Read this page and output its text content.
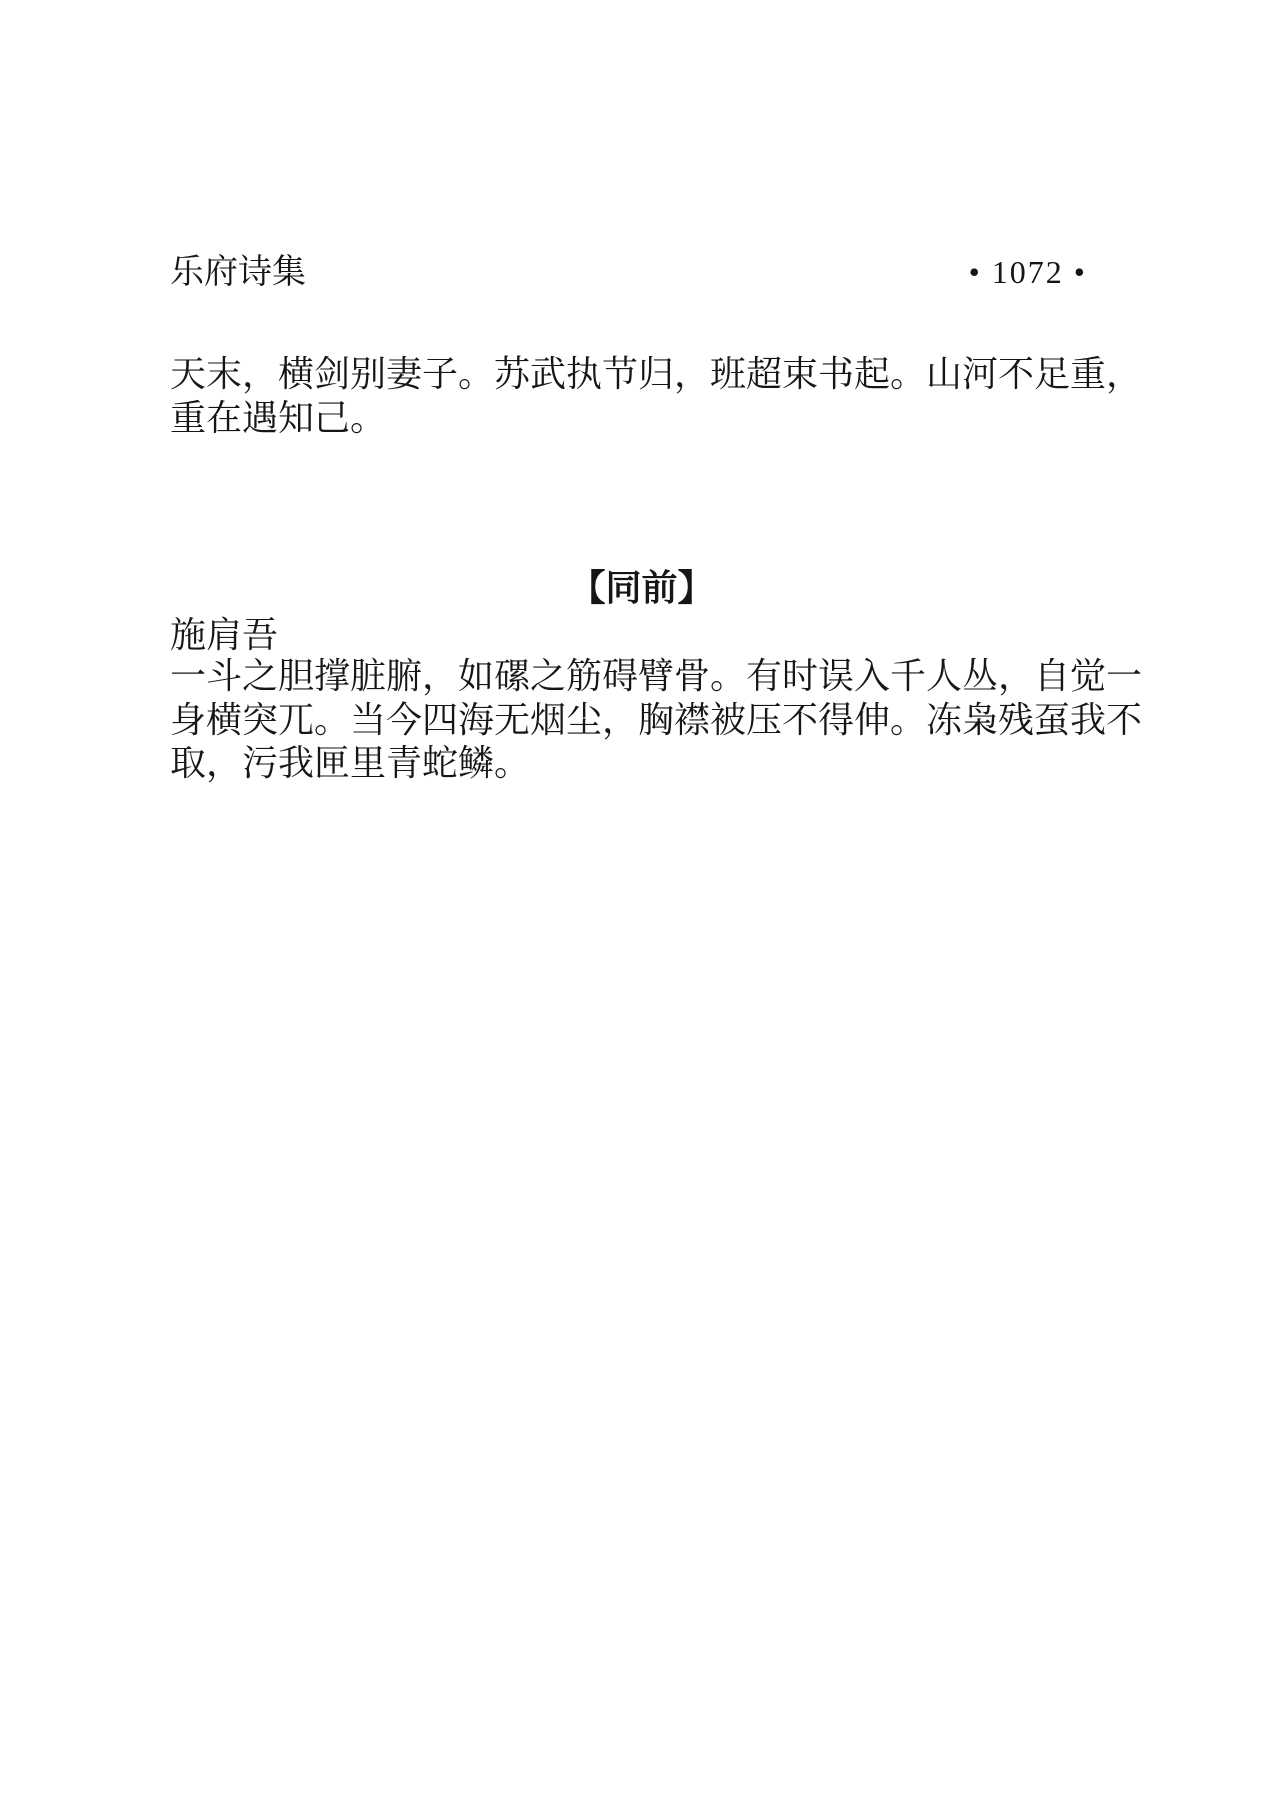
乐府诗集	• 1072 •
天末，横剑别妻子。苏武执节归，班超束书起。山河不足重，
重在遇知己。
【同前】
施肩吾
一斗之胆撑脏腑，如磥之筋碍臂骨。有时误入千人丛，自觉一
身横突兀。当今四海无烟尘，胸襟被压不得伸。冻枭残虿我不
取，污我匣里青蛇鳞。
